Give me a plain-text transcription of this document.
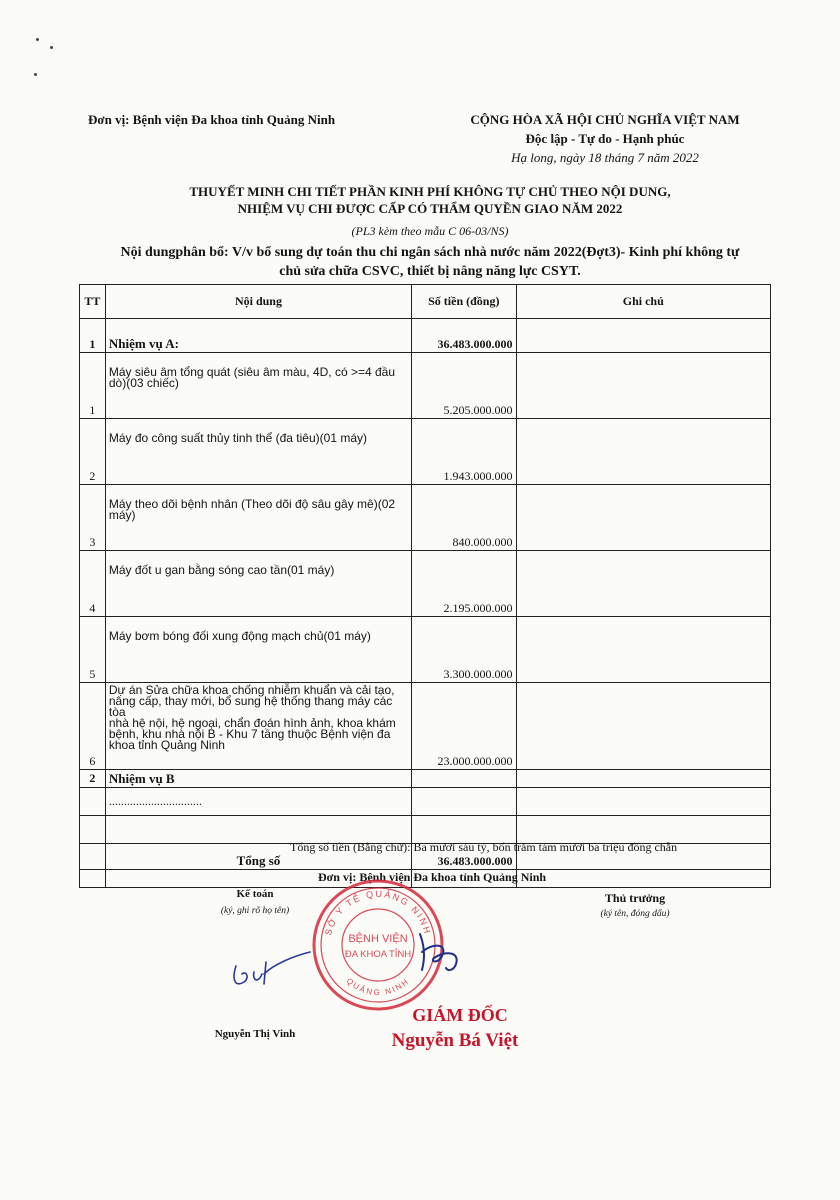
Đơn vị: Bệnh viện Đa khoa tỉnh Quảng Ninh	CỘNG HÒA XÃ HỘI CHỦ NGHĨA VIỆT NAM
Độc lập - Tự do - Hạnh phúc
Hạ long, ngày 18 tháng 7 năm 2022
THUYẾT MINH CHI TIẾT PHẦN KINH PHÍ KHÔNG TỰ CHỦ THEO NỘI DUNG,
NHIỆM VỤ CHI ĐƯỢC CẤP CÓ THẨM QUYỀN GIAO NĂM 2022
(PL3 kèm theo mẫu C 06-03/NS)
Nội dungphân bổ: V/v bổ sung dự toán thu chi ngân sách nhà nước năm 2022(Đợt3)- Kinh phí không tự
chủ sửa chữa CSVC, thiết bị nâng năng lực CSYT.
TT	Nội dung	Số tiền (đồng)	Ghi chú
1	Nhiệm vụ A:	36.483.000.000	
1	Máy siêu âm tổng quát (siêu âm màu, 4D, có >=4 đầu dò)(03 chiếc)	5.205.000.000	
2	Máy đo công suất thủy tinh thể (đa tiêu)(01 máy)	1.943.000.000	
3	Máy theo dõi bệnh nhân (Theo dõi độ sâu gây mê)(02 máy)	840.000.000	
4	Máy đốt u gan bằng sóng cao tần(01 máy)	2.195.000.000	
5	Máy bơm bóng đối xung động mạch chủ(01 máy)	3.300.000.000	
6	Dự án Sửa chữa khoa chống nhiễm khuẩn và cải tạo,
nâng cấp, thay mới, bổ sung hệ thống thang máy các tòa
nhà hệ nội, hệ ngoại, chẩn đoán hình ảnh, khoa khám
bệnh, khu nhà nội B - Khu 7 tầng thuộc Bệnh viện đa
khoa tỉnh Quảng Ninh	23.000.000.000	
2	Nhiệm vụ B		
	...............................		

	Tổng số	36.483.000.000	

Tổng số tiền (Bằng chữ): Ba mươi sáu tỷ, bốn trăm tám mươi ba triệu đồng chẵn
Đơn vị: Bệnh viện Đa khoa tỉnh Quảng Ninh
Kế toán
(ký, ghi rõ họ tên)
Nguyễn Thị Vinh
Thủ trưởng
(ký tên, đóng dấu)
SỞ Y TẾ QUẢNG NINH
QUẢNG NINH
BỆNH VIỆN
ĐA KHOA TỈNH
GIÁM ĐỐC
Nguyễn Bá Việt
